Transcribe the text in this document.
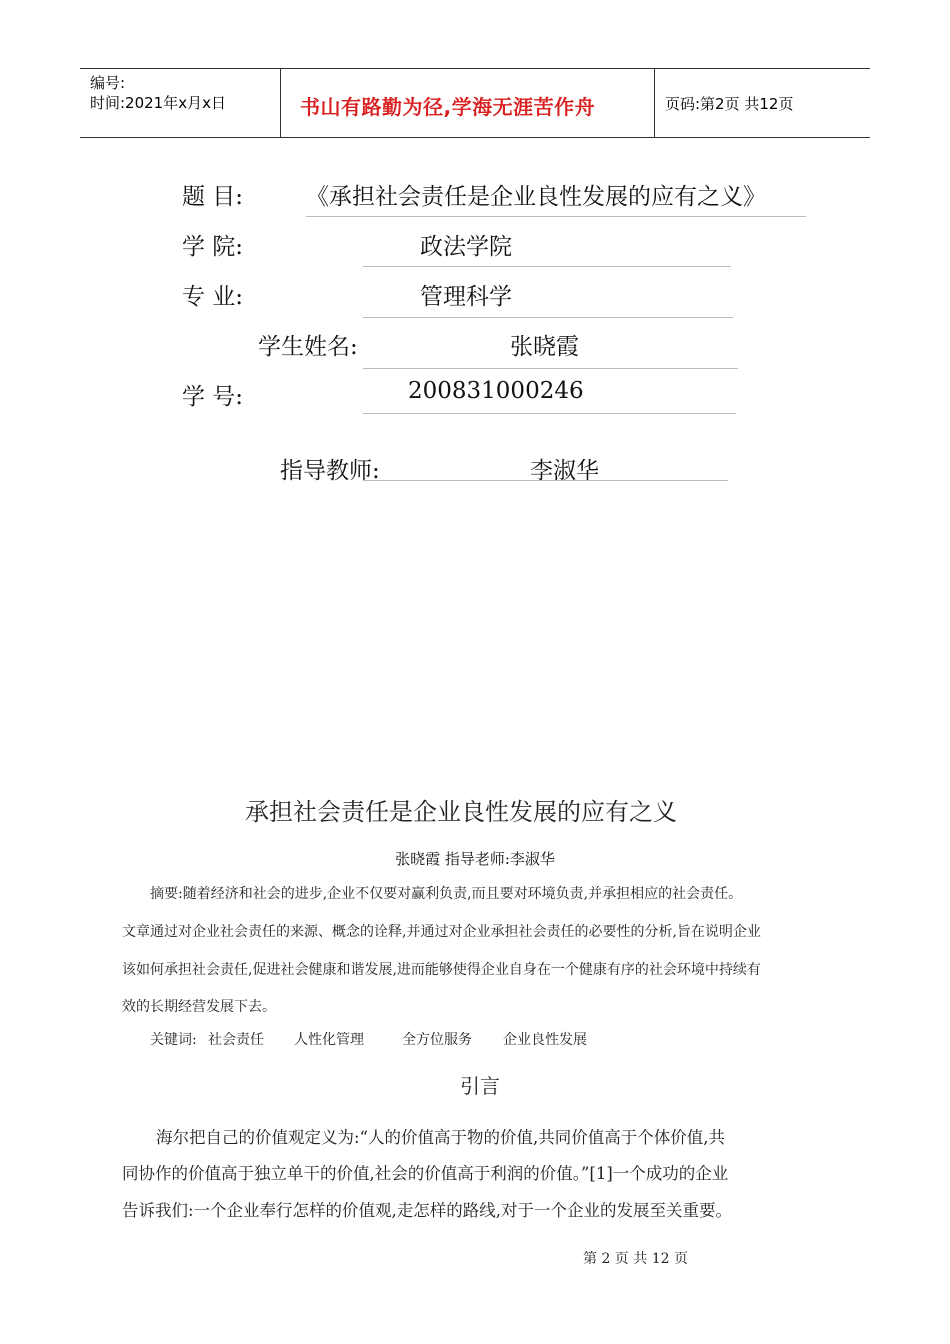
编号:
时间:2021年x月x日	书山有路勤为径,学海无涯苦作舟	页码:第2页 共12页
题 目:	《承担社会责任是企业良性发展的应有之义》
学 院:	政法学院
专 业:	管理科学
学生姓名:	张晓霞
学 号:	200831000246
指导教师:	李淑华
承担社会责任是企业良性发展的应有之义
张晓霞 指导老师:李淑华
摘要:随着经济和社会的进步,企业不仅要对赢利负责,而且要对环境负责,并承担相应的社会责任。
文章通过对企业社会责任的来源、概念的诠释,并通过对企业承担社会责任的必要性的分析,旨在说明企业
该如何承担社会责任,促进社会健康和谐发展,进而能够使得企业自身在一个健康有序的社会环境中持续有
效的长期经营发展下去。
关键词: 社会责任 人性化管理	全方位服务 企业良性发展
引言
海尔把自己的价值观定义为:“人的价值高于物的价值,共同价值高于个体价值,共
同协作的价值高于独立单干的价值,社会的价值高于利润的价值。”[1]一个成功的企业
告诉我们:一个企业奉行怎样的价值观,走怎样的路线,对于一个企业的发展至关重要。
第 2 页 共 12 页
